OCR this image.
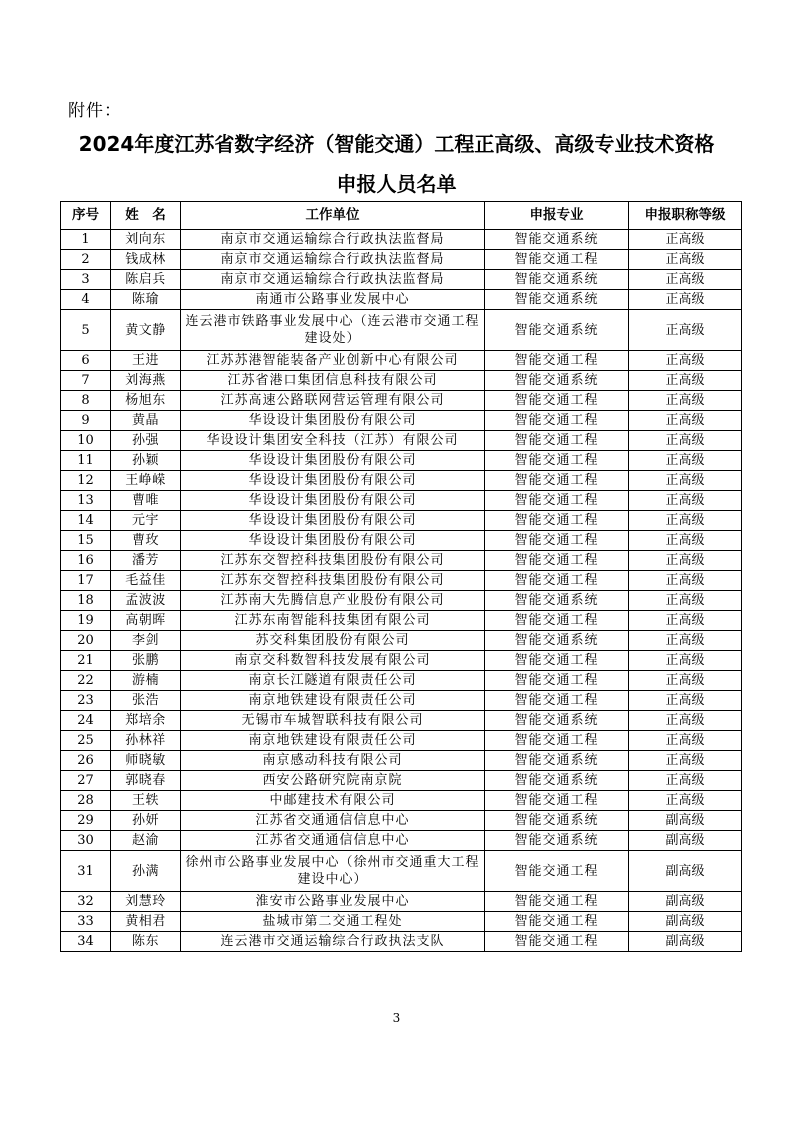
附件：
2024年度江苏省数字经济（智能交通）工程正高级、高级专业技术资格
申报人员名单
序号	姓　名	工作单位	申报专业	申报职称等级
1	刘向东	南京市交通运输综合行政执法监督局	智能交通系统	正高级
2	钱成林	南京市交通运输综合行政执法监督局	智能交通工程	正高级
3	陈启兵	南京市交通运输综合行政执法监督局	智能交通系统	正高级
4	陈瑜	南通市公路事业发展中心	智能交通系统	正高级
5	黄文静	连云港市铁路事业发展中心（连云港市交通工程建设处）	智能交通系统	正高级
6	王进	江苏苏港智能装备产业创新中心有限公司	智能交通工程	正高级
7	刘海燕	江苏省港口集团信息科技有限公司	智能交通系统	正高级
8	杨旭东	江苏高速公路联网营运管理有限公司	智能交通工程	正高级
9	黄晶	华设设计集团股份有限公司	智能交通工程	正高级
10	孙强	华设设计集团安全科技（江苏）有限公司	智能交通工程	正高级
11	孙颖	华设设计集团股份有限公司	智能交通工程	正高级
12	王峥嵘	华设设计集团股份有限公司	智能交通工程	正高级
13	曹唯	华设设计集团股份有限公司	智能交通工程	正高级
14	元宇	华设设计集团股份有限公司	智能交通工程	正高级
15	曹玫	华设设计集团股份有限公司	智能交通工程	正高级
16	潘芳	江苏东交智控科技集团股份有限公司	智能交通工程	正高级
17	毛益佳	江苏东交智控科技集团股份有限公司	智能交通工程	正高级
18	孟波波	江苏南大先腾信息产业股份有限公司	智能交通系统	正高级
19	高朝晖	江苏东南智能科技集团有限公司	智能交通工程	正高级
20	李剑	苏交科集团股份有限公司	智能交通系统	正高级
21	张鹏	南京交科数智科技发展有限公司	智能交通工程	正高级
22	游楠	南京长江隧道有限责任公司	智能交通工程	正高级
23	张浩	南京地铁建设有限责任公司	智能交通工程	正高级
24	郑培余	无锡市车城智联科技有限公司	智能交通系统	正高级
25	孙林祥	南京地铁建设有限责任公司	智能交通工程	正高级
26	师晓敏	南京感动科技有限公司	智能交通系统	正高级
27	郭晓春	西安公路研究院南京院	智能交通系统	正高级
28	王轶	中邮建技术有限公司	智能交通工程	正高级
29	孙妍	江苏省交通通信信息中心	智能交通系统	副高级
30	赵渝	江苏省交通通信信息中心	智能交通系统	副高级
31	孙满	徐州市公路事业发展中心（徐州市交通重大工程建设中心）	智能交通工程	副高级
32	刘慧玲	淮安市公路事业发展中心	智能交通工程	副高级
33	黄相君	盐城市第二交通工程处	智能交通工程	副高级
34	陈东	连云港市交通运输综合行政执法支队	智能交通工程	副高级
3
